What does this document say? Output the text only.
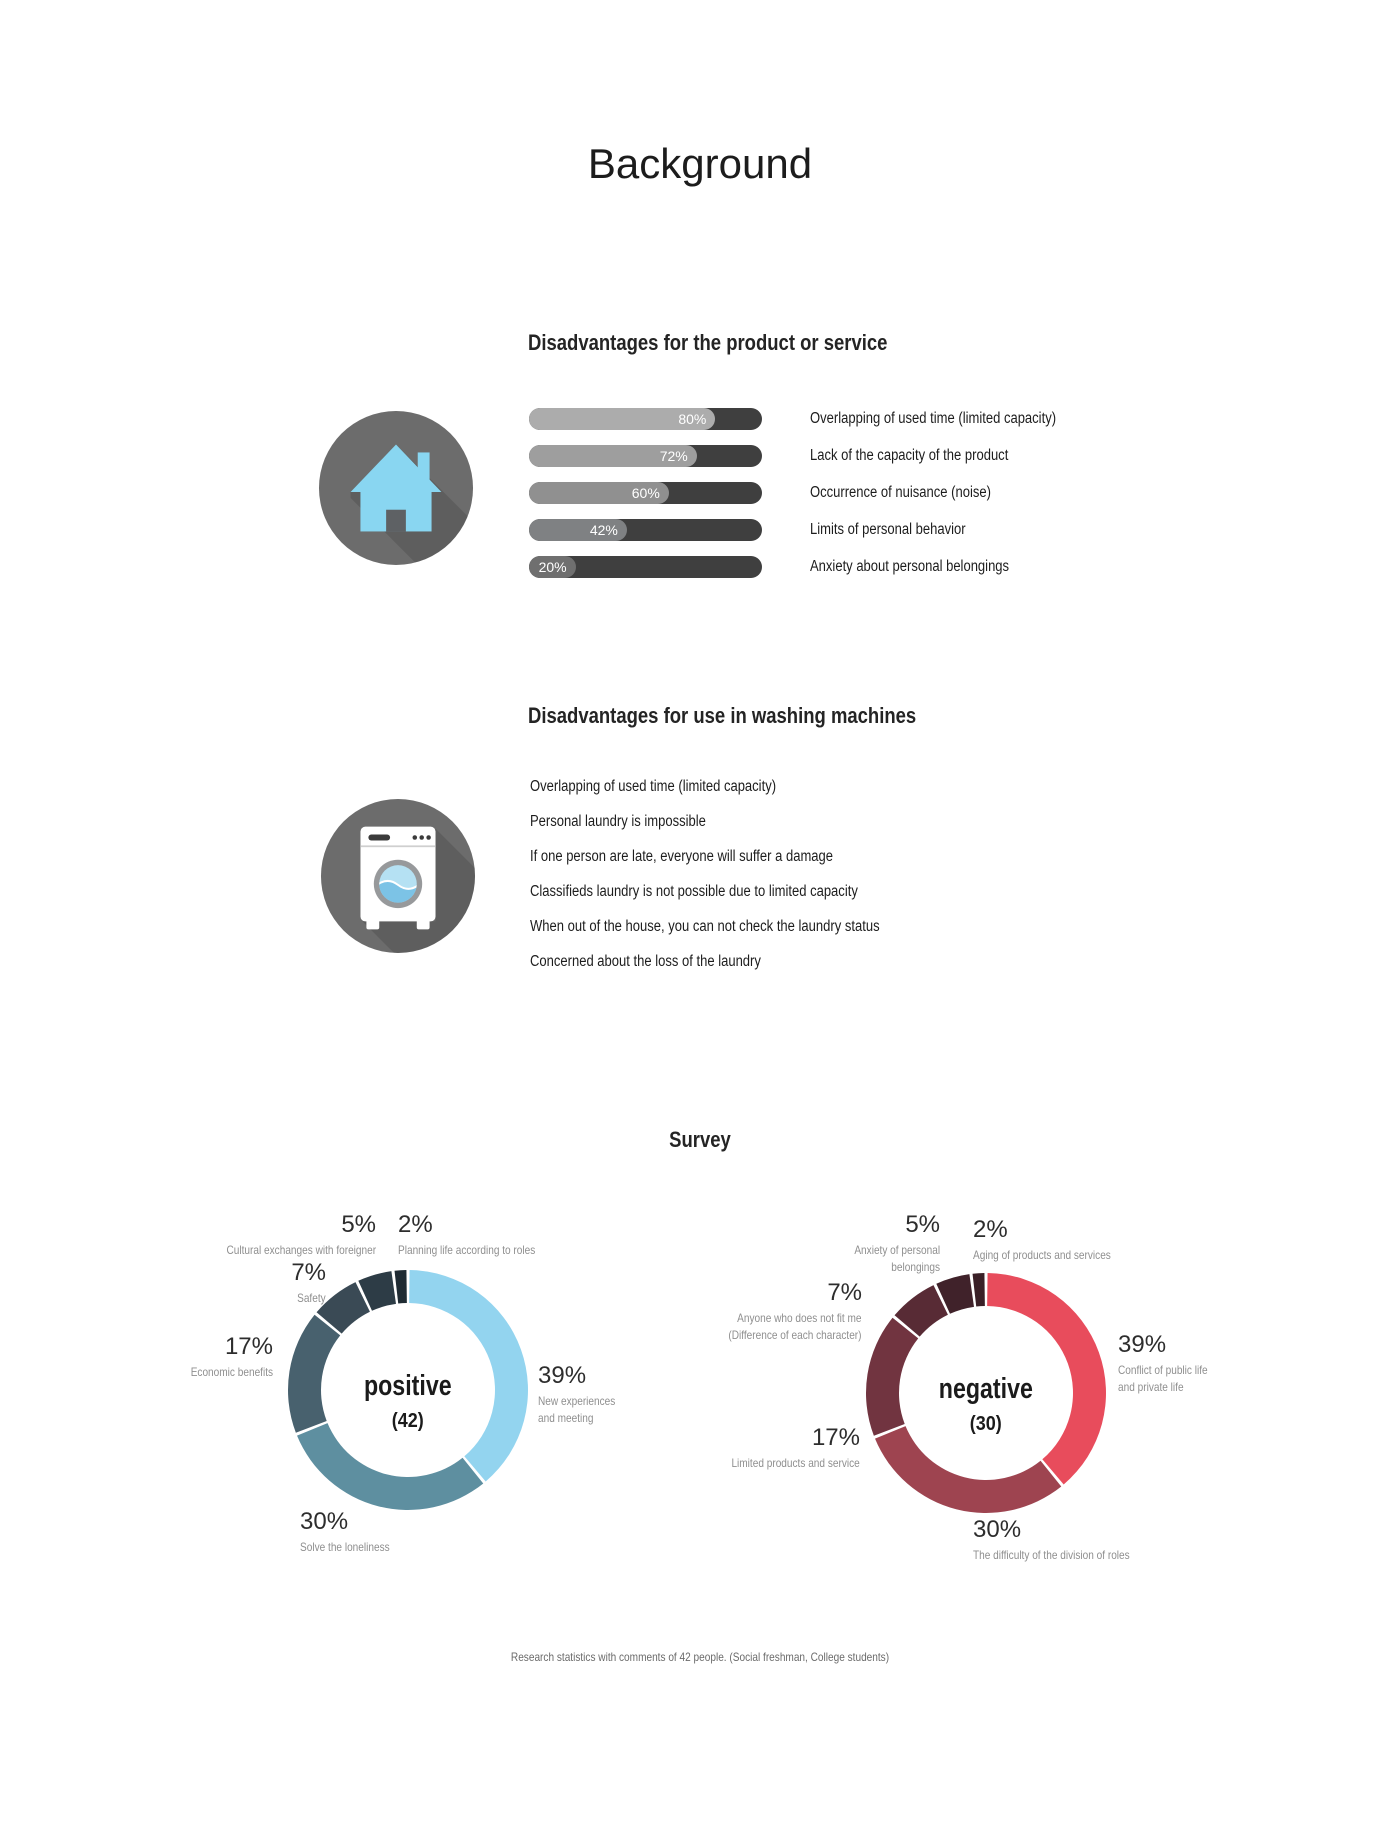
Background
Disadvantages for the product or service
80%	Overlapping of used time (limited capacity)
72%	Lack of the capacity of the product
60%	Occurrence of nuisance (noise)
42%	Limits of personal behavior
20%	Anxiety about personal belongings
Disadvantages for use in washing machines
Overlapping of used time (limited capacity)
Personal laundry is impossible
If one person are late, everyone will suffer a damage
Classifieds laundry is not possible due to limited capacity
When out of the house, you can not check the laundry status
Concerned about the loss of the laundry
Survey
positive
(42)
negative
(30)
39%
New experiences
and meeting
30%
Solve the loneliness
17%
Economic benefits
7%
Safety
5%
Cultural exchanges with foreigner
2%
Planning life according to roles
39%
Conflict of public life
and private life
30%
The difficulty of the division of roles
17%
Limited products and service
7%
Anyone who does not fit me
(Difference of each character)
5%
Anxiety of personal
belongings
2%
Aging of products and services
Research statistics with comments of 42 people. (Social freshman, College students)
